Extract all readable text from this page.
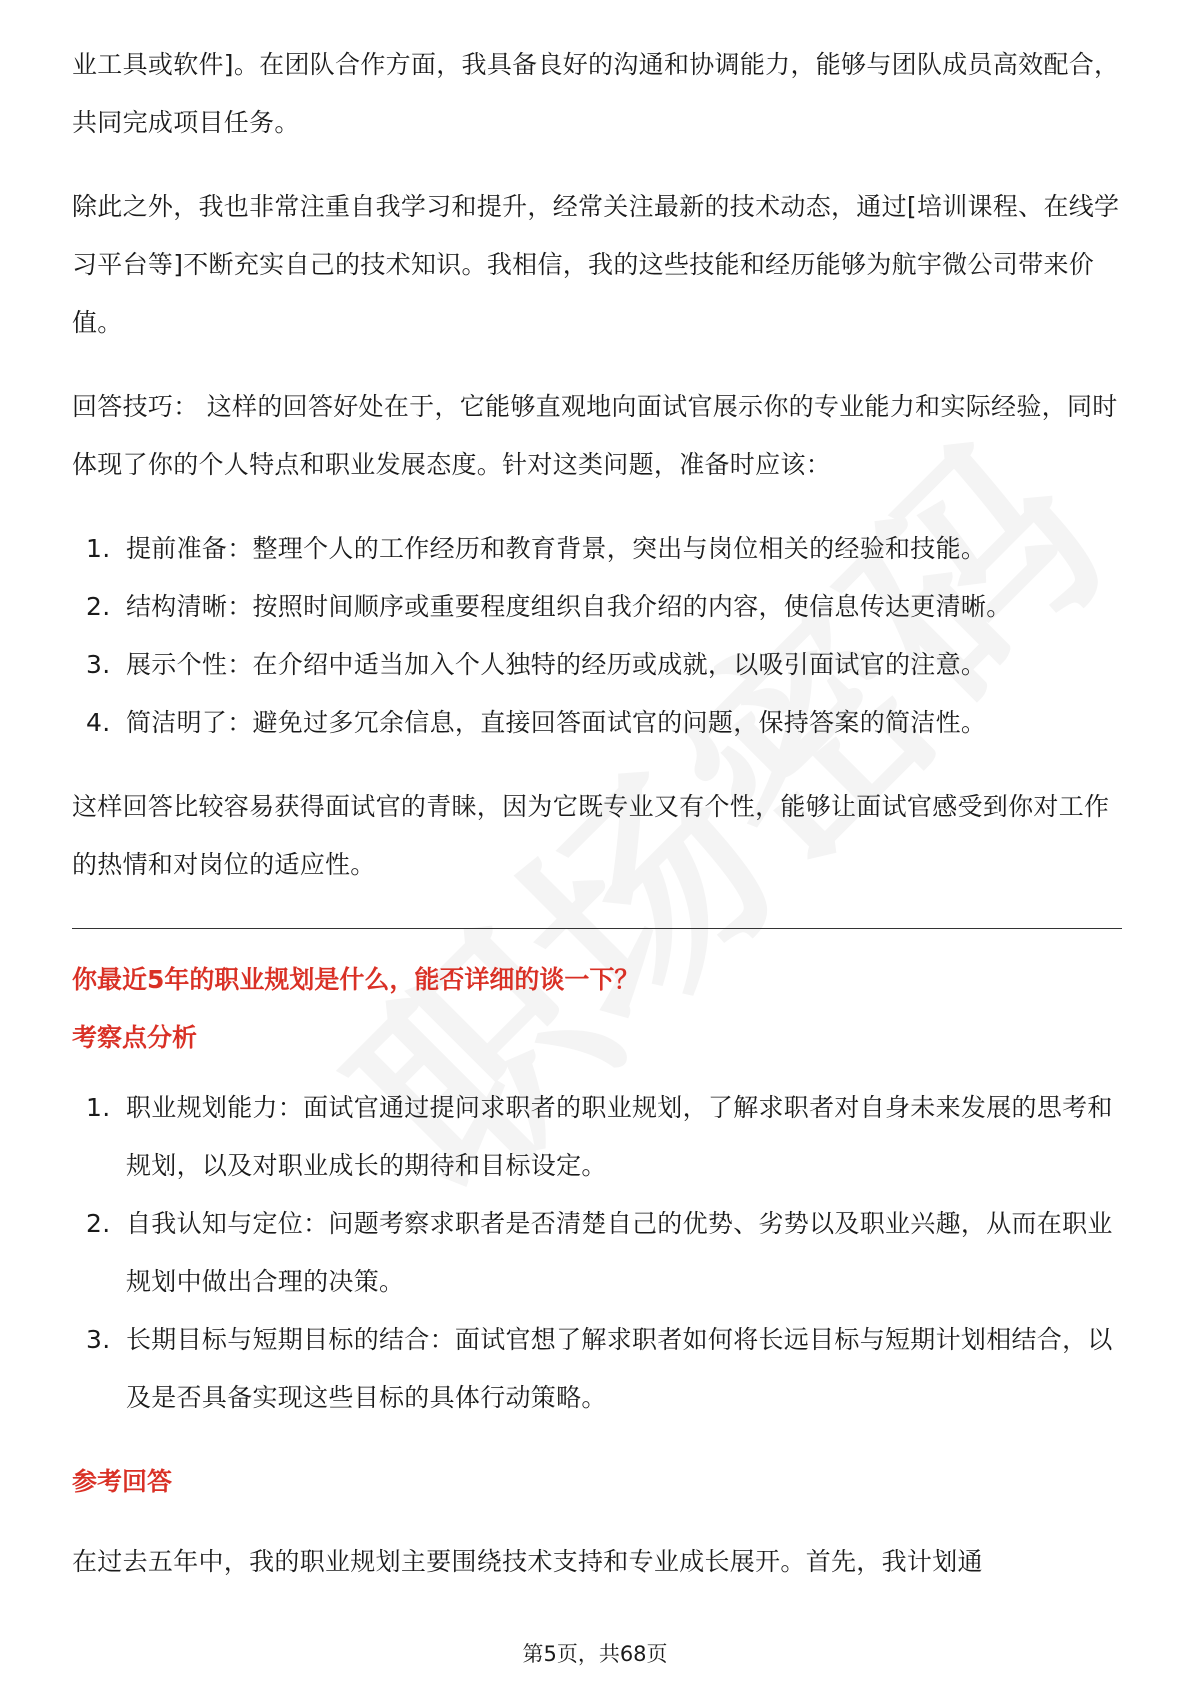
业工具或软件]。在团队合作方面，我具备良好的沟通和协调能力，能够与团队成员高效配合，共同完成项目任务。

除此之外，我也非常注重自我学习和提升，经常关注最新的技术动态，通过[培训课程、在线学习平台等]不断充实自己的技术知识。我相信，我的这些技能和经历能够为航宇微公司带来价值。

回答技巧： 这样的回答好处在于，它能够直观地向面试官展示你的专业能力和实际经验，同时体现了你的个人特点和职业发展态度。针对这类问题，准备时应该：

1. 提前准备：整理个人的工作经历和教育背景，突出与岗位相关的经验和技能。
2. 结构清晰：按照时间顺序或重要程度组织自我介绍的内容，使信息传达更清晰。
3. 展示个性：在介绍中适当加入个人独特的经历或成就，以吸引面试官的注意。
4. 简洁明了：避免过多冗余信息，直接回答面试官的问题，保持答案的简洁性。

这样回答比较容易获得面试官的青睐，因为它既专业又有个性，能够让面试官感受到你对工作的热情和对岗位的适应性。

你最近5年的职业规划是什么，能否详细的谈一下？

考察点分析

1. 职业规划能力：面试官通过提问求职者的职业规划，了解求职者对自身未来发展的思考和规划，以及对职业成长的期待和目标设定。
2. 自我认知与定位：问题考察求职者是否清楚自己的优势、劣势以及职业兴趣，从而在职业规划中做出合理的决策。
3. 长期目标与短期目标的结合：面试官想了解求职者如何将长远目标与短期计划相结合，以及是否具备实现这些目标的具体行动策略。

参考回答

在过去五年中，我的职业规划主要围绕技术支持和专业成长展开。首先，我计划通
第5页，共68页
